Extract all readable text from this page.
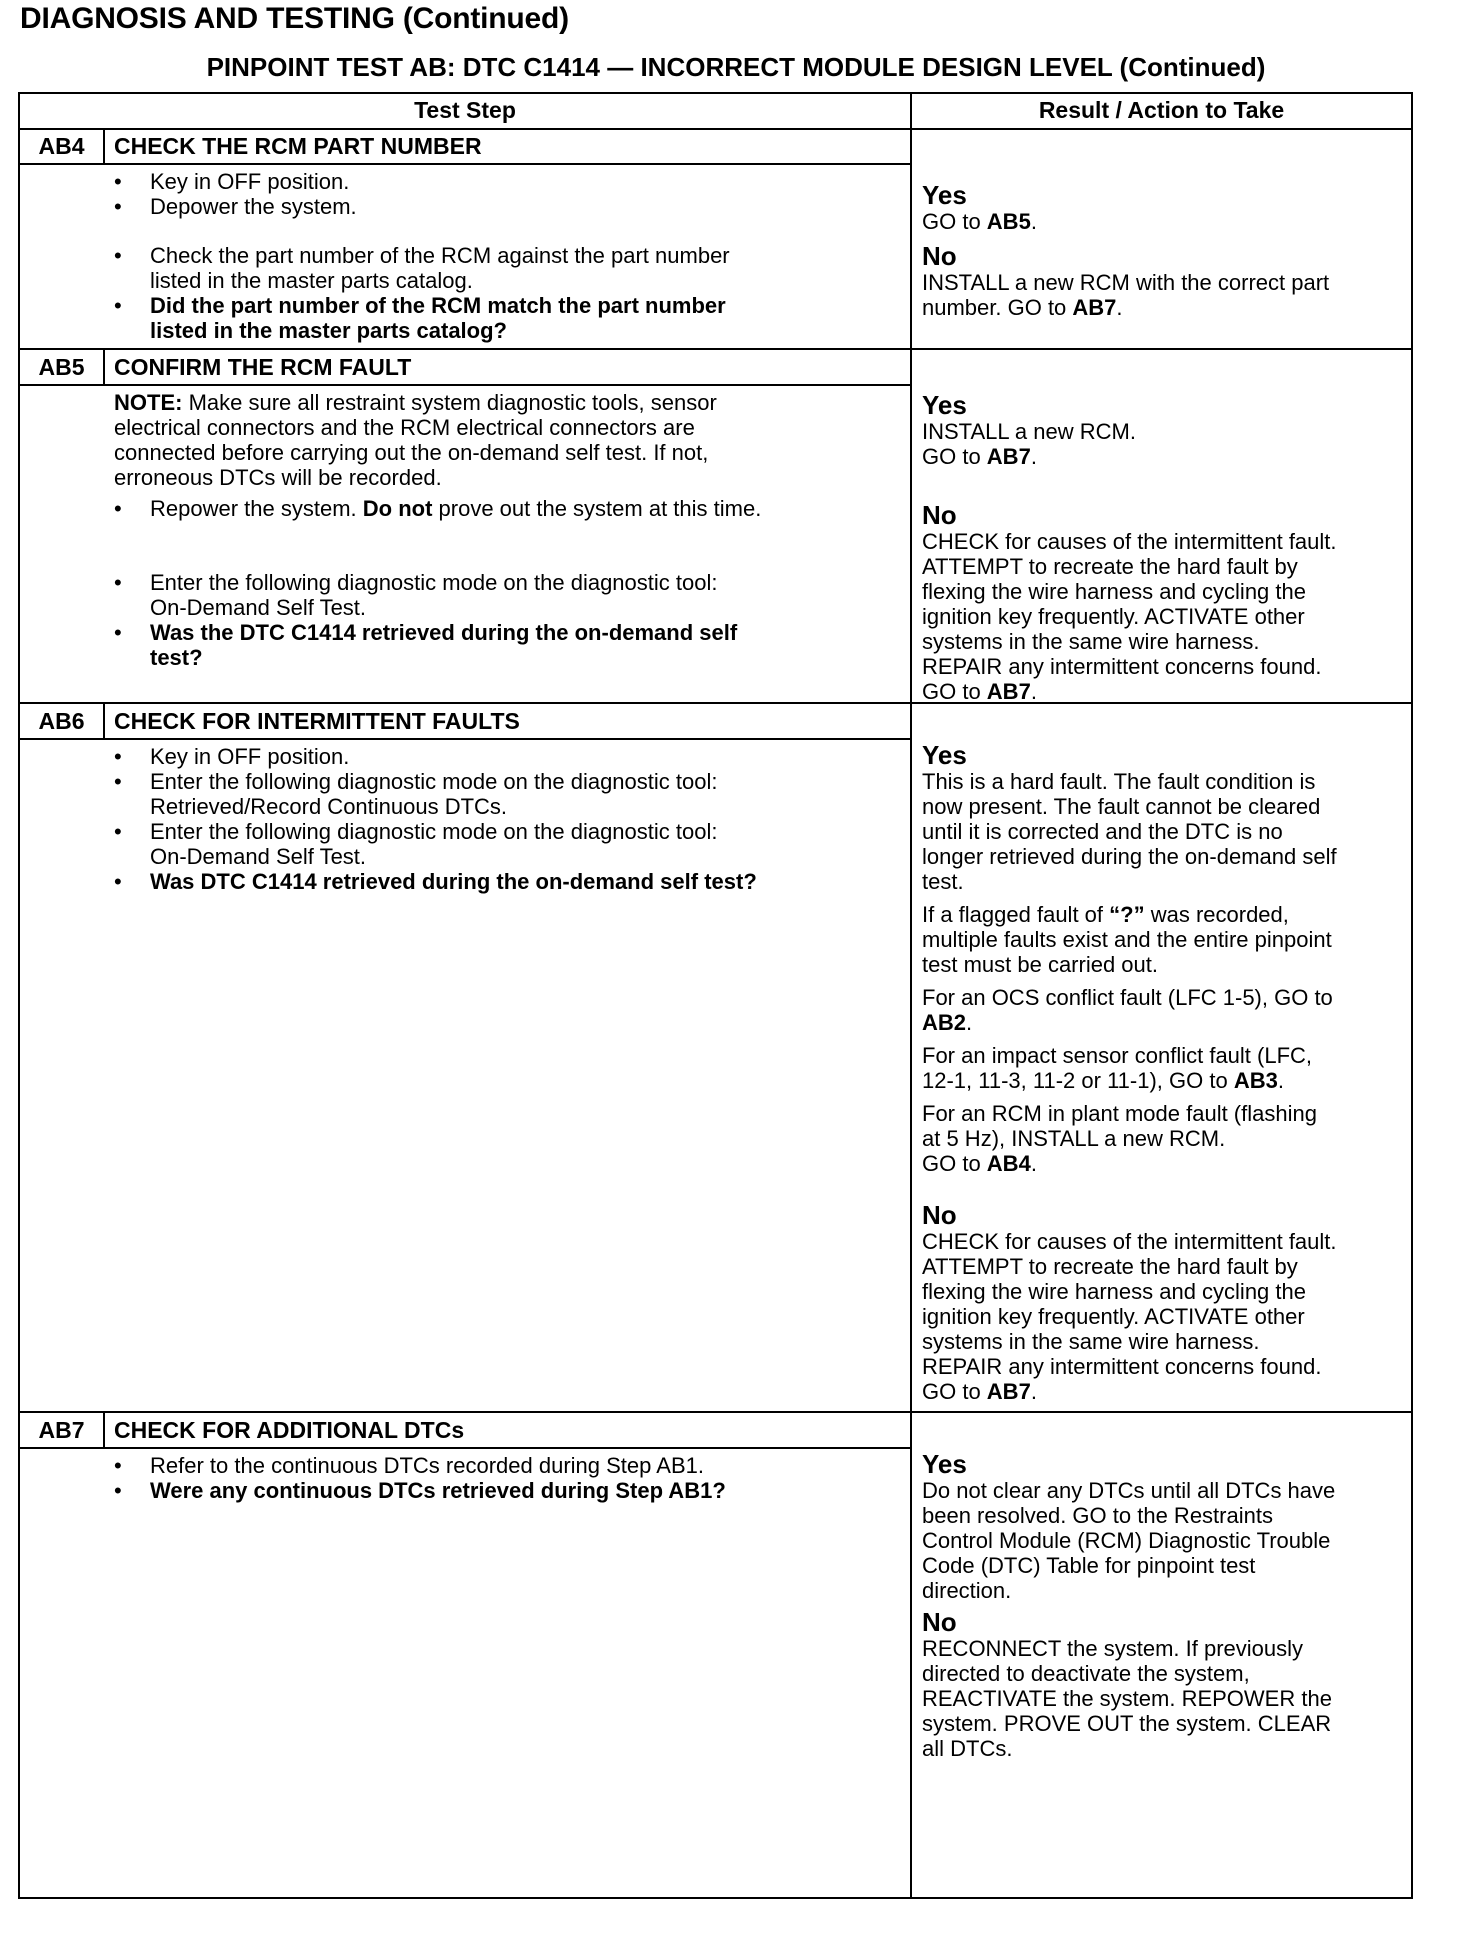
DIAGNOSIS AND TESTING (Continued)
PINPOINT TEST AB: DTC C1414 — INCORRECT MODULE DESIGN LEVEL (Continued)
Test Step	Result / Action to Take
AB4	CHECK THE RCM PART NUMBER
• Key in OFF position.
• Depower the system.
• Check the part number of the RCM against the part number
listed in the master parts catalog.
• Did the part number of the RCM match the part number
listed in the master parts catalog?
Yes
GO to AB5.
No
INSTALL a new RCM with the correct part
number. GO to AB7.
AB5	CONFIRM THE RCM FAULT
NOTE: Make sure all restraint system diagnostic tools, sensor
electrical connectors and the RCM electrical connectors are
connected before carrying out the on-demand self test. If not,
erroneous DTCs will be recorded.
• Repower the system. Do not prove out the system at this time.
• Enter the following diagnostic mode on the diagnostic tool:
On-Demand Self Test.
• Was the DTC C1414 retrieved during the on-demand self
test?
Yes
INSTALL a new RCM.
GO to AB7.
No
CHECK for causes of the intermittent fault.
ATTEMPT to recreate the hard fault by
flexing the wire harness and cycling the
ignition key frequently. ACTIVATE other
systems in the same wire harness.
REPAIR any intermittent concerns found.
GO to AB7.
AB6	CHECK FOR INTERMITTENT FAULTS
• Key in OFF position.
• Enter the following diagnostic mode on the diagnostic tool:
Retrieved/Record Continuous DTCs.
• Enter the following diagnostic mode on the diagnostic tool:
On-Demand Self Test.
• Was DTC C1414 retrieved during the on-demand self test?
Yes
This is a hard fault. The fault condition is
now present. The fault cannot be cleared
until it is corrected and the DTC is no
longer retrieved during the on-demand self
test.
If a flagged fault of “?” was recorded,
multiple faults exist and the entire pinpoint
test must be carried out.
For an OCS conflict fault (LFC 1-5), GO to
AB2.
For an impact sensor conflict fault (LFC,
12-1, 11-3, 11-2 or 11-1), GO to AB3.
For an RCM in plant mode fault (flashing
at 5 Hz), INSTALL a new RCM.
GO to AB4.
No
CHECK for causes of the intermittent fault.
ATTEMPT to recreate the hard fault by
flexing the wire harness and cycling the
ignition key frequently. ACTIVATE other
systems in the same wire harness.
REPAIR any intermittent concerns found.
GO to AB7.
AB7	CHECK FOR ADDITIONAL DTCs
• Refer to the continuous DTCs recorded during Step AB1.
• Were any continuous DTCs retrieved during Step AB1?
Yes
Do not clear any DTCs until all DTCs have
been resolved. GO to the Restraints
Control Module (RCM) Diagnostic Trouble
Code (DTC) Table for pinpoint test
direction.
No
RECONNECT the system. If previously
directed to deactivate the system,
REACTIVATE the system. REPOWER the
system. PROVE OUT the system. CLEAR
all DTCs.
